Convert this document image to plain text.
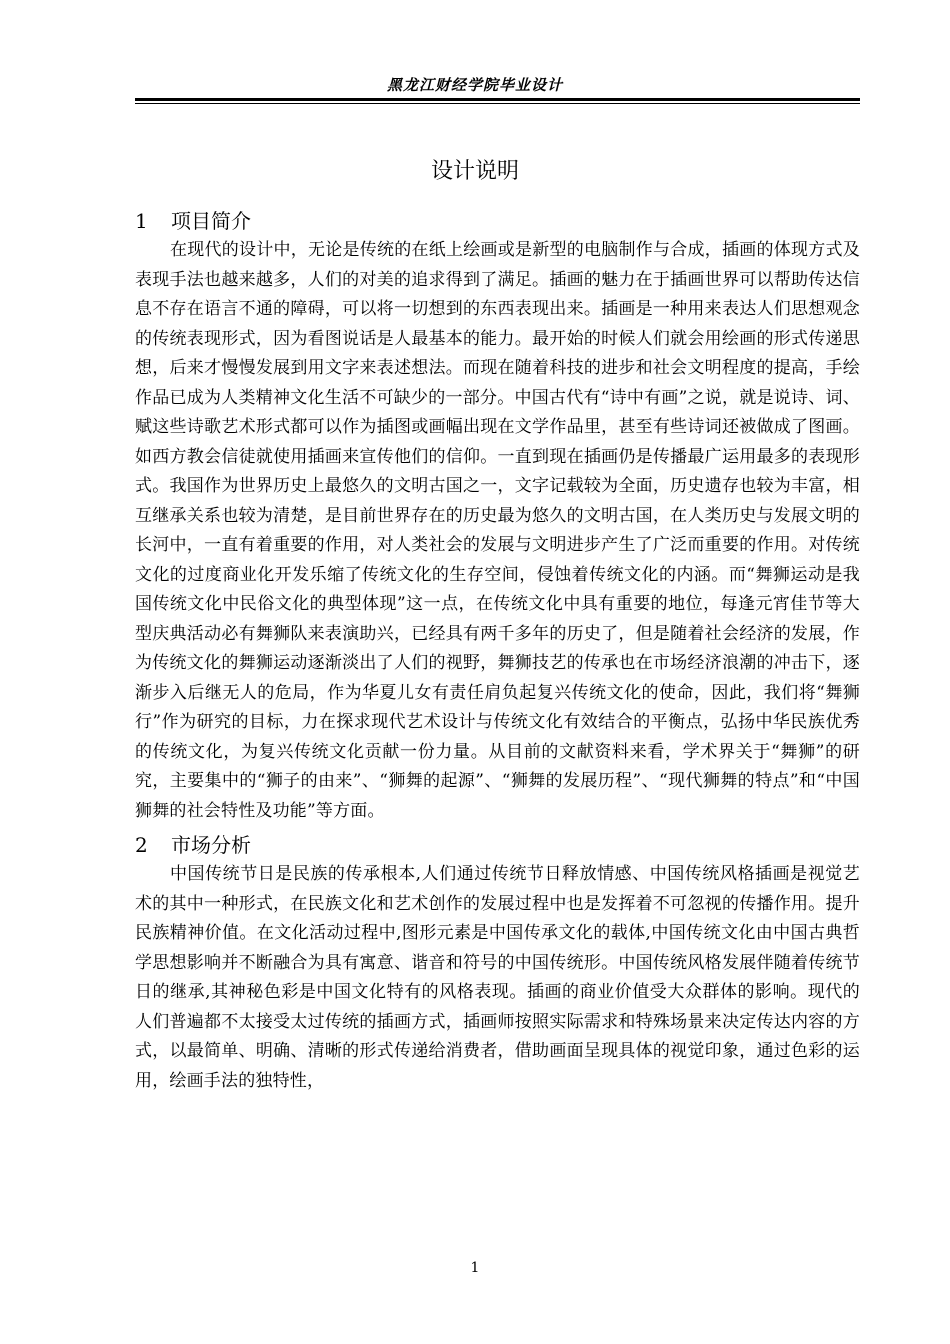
黑龙江财经学院毕业设计
设计说明
1	项目简介
在现代的设计中，无论是传统的在纸上绘画或是新型的电脑制作与合成，插画的体现方式及表现手法也越来越多，人们的对美的追求得到了满足。插画的魅力在于插画世界可以帮助传达信息不存在语言不通的障碍，可以将一切想到的东西表现出来。插画是一种用来表达人们思想观念的传统表现形式，因为看图说话是人最基本的能力。最开始的时候人们就会用绘画的形式传递思想，后来才慢慢发展到用文字来表述想法。而现在随着科技的进步和社会文明程度的提高，手绘作品已成为人类精神文化生活不可缺少的一部分。中国古代有“诗中有画”之说，就是说诗、词、赋这些诗歌艺术形式都可以作为插图或画幅出现在文学作品里，甚至有些诗词还被做成了图画。如西方教会信徒就使用插画来宣传他们的信仰。一直到现在插画仍是传播最广运用最多的表现形式。我国作为世界历史上最悠久的文明古国之一，文字记载较为全面，历史遗存也较为丰富，相互继承关系也较为清楚，是目前世界存在的历史最为悠久的文明古国，在人类历史与发展文明的长河中，一直有着重要的作用，对人类社会的发展与文明进步产生了广泛而重要的作用。对传统文化的过度商业化开发乐缩了传统文化的生存空间，侵蚀着传统文化的内涵。而“舞狮运动是我国传统文化中民俗文化的典型体现”这一点，在传统文化中具有重要的地位，每逢元宵佳节等大型庆典活动必有舞狮队来表演助兴，已经具有两千多年的历史了，但是随着社会经济的发展，作为传统文化的舞狮运动逐渐淡出了人们的视野，舞狮技艺的传承也在市场经济浪潮的冲击下，逐渐步入后继无人的危局，作为华夏儿女有责任肩负起复兴传统文化的使命，因此，我们将“舞狮行”作为研究的目标，力在探求现代艺术设计与传统文化有效结合的平衡点，弘扬中华民族优秀的传统文化，为复兴传统文化贡献一份力量。从目前的文献资料来看，学术界关于“舞狮”的研究，主要集中的“狮子的由来”、“狮舞的起源”、“狮舞的发展历程”、“现代狮舞的特点”和“中国狮舞的社会特性及功能”等方面。
2	市场分析
中国传统节日是民族的传承根本,人们通过传统节日释放情感、中国传统风格插画是视觉艺术的其中一种形式，在民族文化和艺术创作的发展过程中也是发挥着不可忽视的传播作用。提升民族精神价值。在文化活动过程中,图形元素是中国传承文化的载体,中国传统文化由中国古典哲学思想影响并不断融合为具有寓意、谐音和符号的中国传统形。中国传统风格发展伴随着传统节日的继承,其神秘色彩是中国文化特有的风格表现。插画的商业价值受大众群体的影响。现代的人们普遍都不太接受太过传统的插画方式，插画师按照实际需求和特殊场景来决定传达内容的方式，以最简单、明确、清晰的形式传递给消费者，借助画面呈现具体的视觉印象，通过色彩的运用，绘画手法的独特性，
1
